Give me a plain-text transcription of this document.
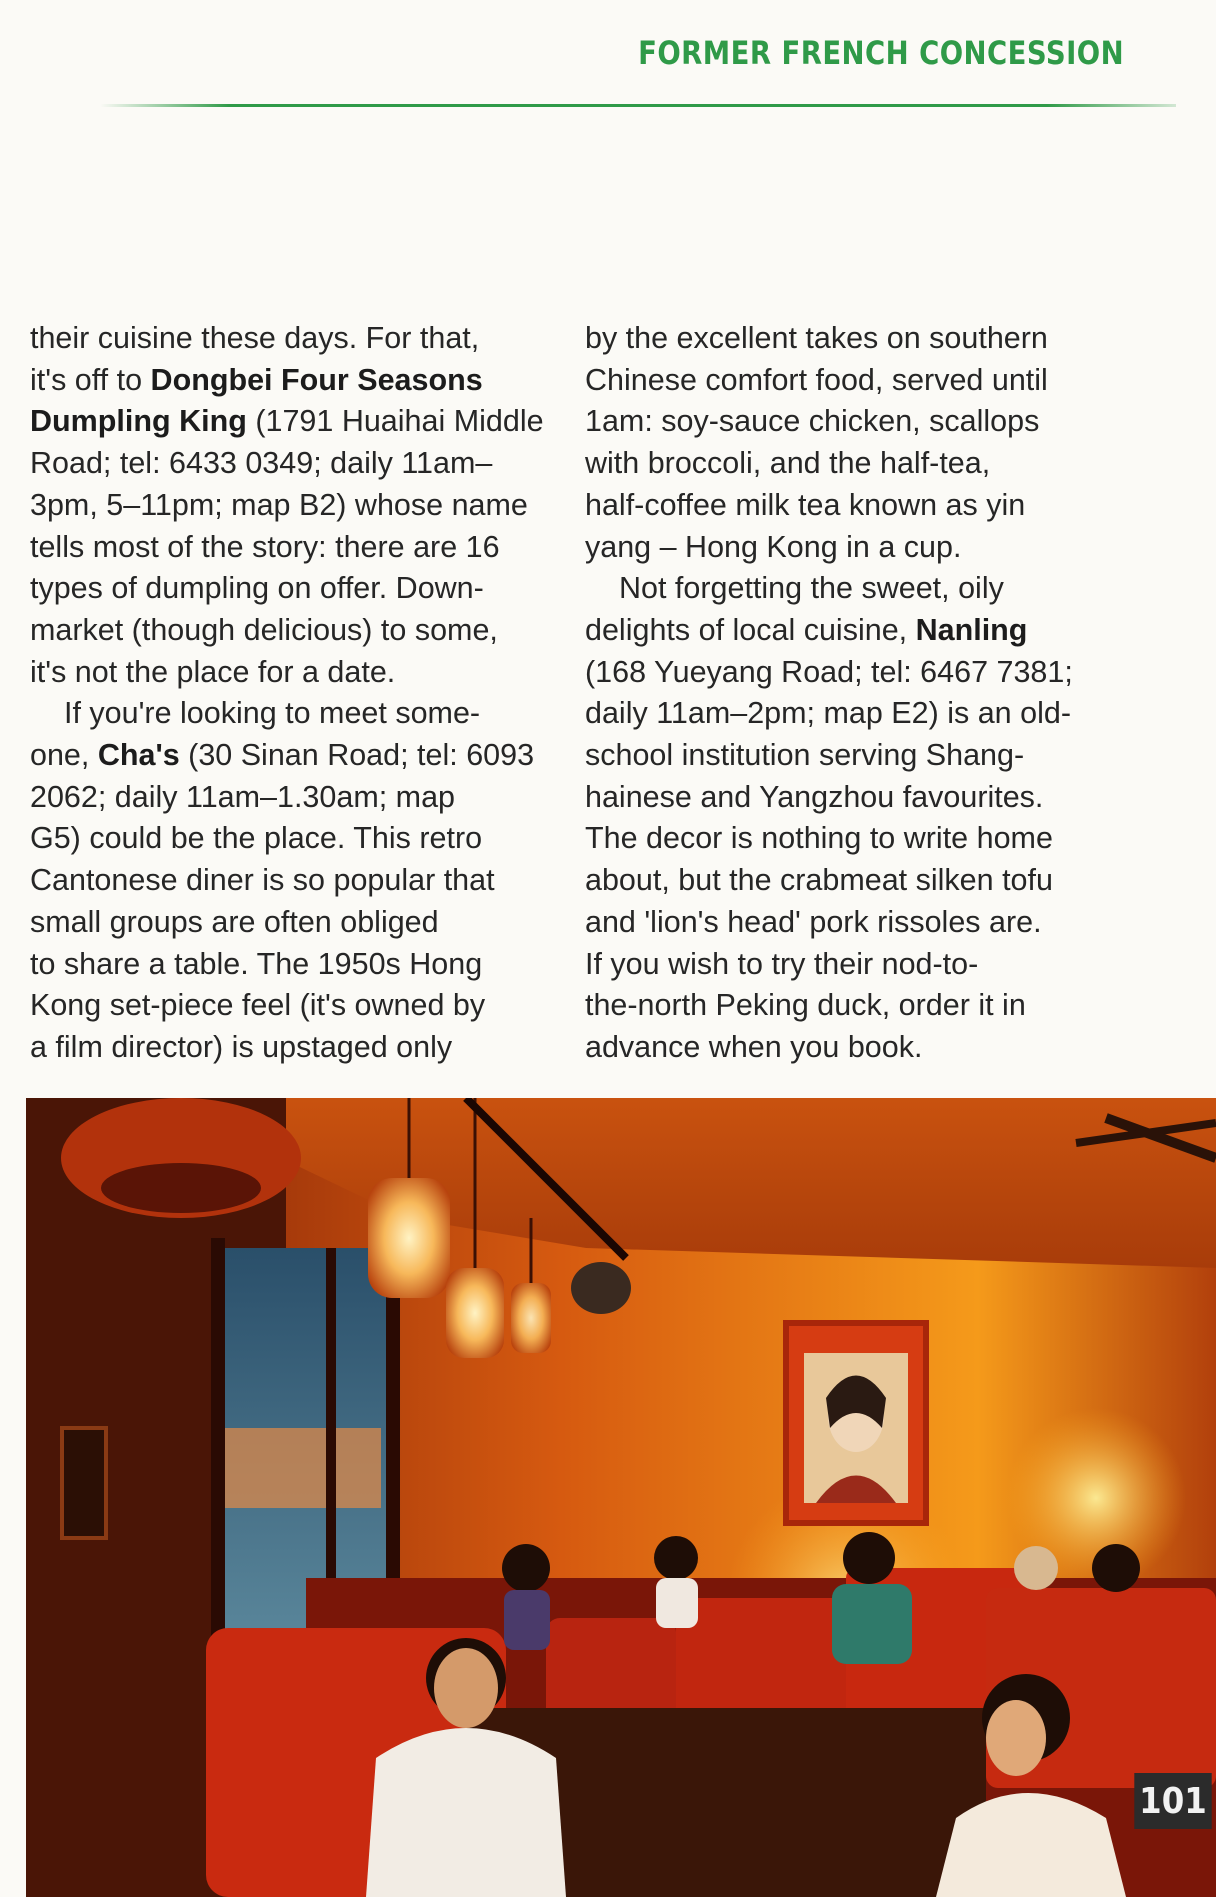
FORMER FRENCH CONCESSION

their cuisine these days. For that,
it's off to Dongbei Four Seasons
Dumpling King (1791 Huaihai Middle
Road; tel: 6433 0349; daily 11am–
3pm, 5–11pm; map B2) whose name
tells most of the story: there are 16
types of dumpling on offer. Down-
market (though delicious) to some,
it's not the place for a date.
If you're looking to meet some-
one, Cha's (30 Sinan Road; tel: 6093
2062; daily 11am–1.30am; map
G5) could be the place. This retro
Cantonese diner is so popular that
small groups are often obliged
to share a table. The 1950s Hong
Kong set-piece feel (it's owned by
a film director) is upstaged only

by the excellent takes on southern
Chinese comfort food, served until
1am: soy-sauce chicken, scallops
with broccoli, and the half-tea,
half-coffee milk tea known as yin
yang – Hong Kong in a cup.
Not forgetting the sweet, oily
delights of local cuisine, Nanling
(168 Yueyang Road; tel: 6467 7381;
daily 11am–2pm; map E2) is an old-
school institution serving Shang-
hainese and Yangzhou favourites.
The decor is nothing to write home
about, but the crabmeat silken tofu
and 'lion's head' pork rissoles are.
If you wish to try their nod-to-
the-north Peking duck, order it in
advance when you book.

101
